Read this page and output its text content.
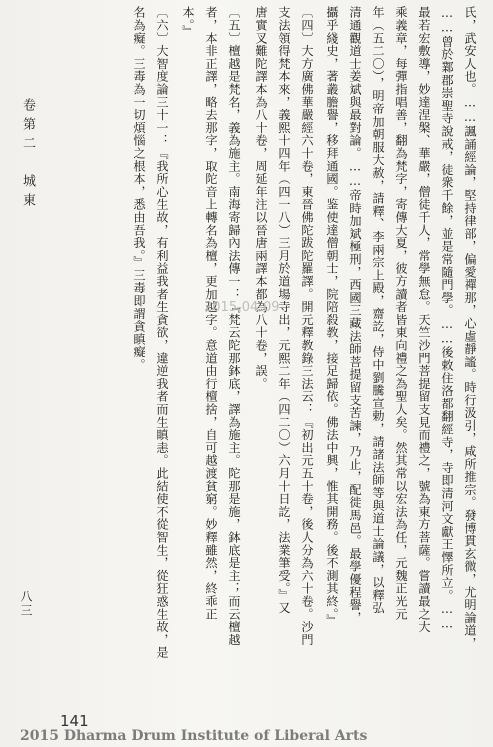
氏，武安人也。……諷誦經論，堅持律部，偏愛禪那，心虛靜謐。時行汲引，咸所推宗。發博貫玄微，尤明論道，
……曾於鄴郡崇聖寺說戒，徒衆千餘，並是常隨門學。……後敕住洛都翻經寺，寺即清河文獻王懌所立。……
最若宏敷導，妙達涅槃、華嚴，僧徒千人，常學無怠。天竺沙門菩提留支見而禮之，號為東方菩薩。嘗讀最之大
乘義章，每彈指唱善，翻為梵字，寄傳大夏，彼方讀者皆東向禮之為聖人矣。然其常以宏法為任，元魏正光元
年（五二〇），明帝加朝服大赦，請釋、李兩宗上殿，齋訖，侍中劉騰宣勅，請諸法師等與道士論議，以釋弘
清通觀道士姜斌與最對論。……帝時加斌極刑，西國三藏法師菩提留支苦諫，乃止，配徙馬邑。最學優程譽，
攝乎綫史，著叢膽譽，移拜通國。鉴使達僧朝士，院陪殺教，接足歸依。佛法中興，惟其開務。後不測其終。』
〔四〕大方廣佛華嚴經六十卷，東晉佛陀跋陀羅譯。開元釋教錄三法云：『初出元五十卷，後人分為六十卷。沙門
支法領得梵本來，義熙十四年（四一八）三月於道場寺出，元熙二年（四二〇）六月十日訖，法業筆受。』又
唐實叉難陀譯本為八十卷，周延年注以晉唐兩譯本都為八十卷，誤。
〔五〕檀越是梵名，義為施主。南海寄歸內法傳一：『梵云陀那鉢底，譯為施主。陀那是施，鉢底是主；而云檀越
者，本非正譯，略去那字，取陀音上轉名為檀，更加越字。意道由行檀捨，自可越渡貧窮。妙釋雖然，終乖正
本。』
〔六〕大智度論三十一：『我所心生故，有利益我者生貪欲，違逆我者而生瞋恚。此結使不從智生，從狂惑生故，是
名為癡。三毒為一切煩惱之根本，悉由吾我。』三毒即謂貪瞋癡。
卷第二　城東
八三
2015-04-09
141
2015 Dharma Drum Institute of Liberal Arts
